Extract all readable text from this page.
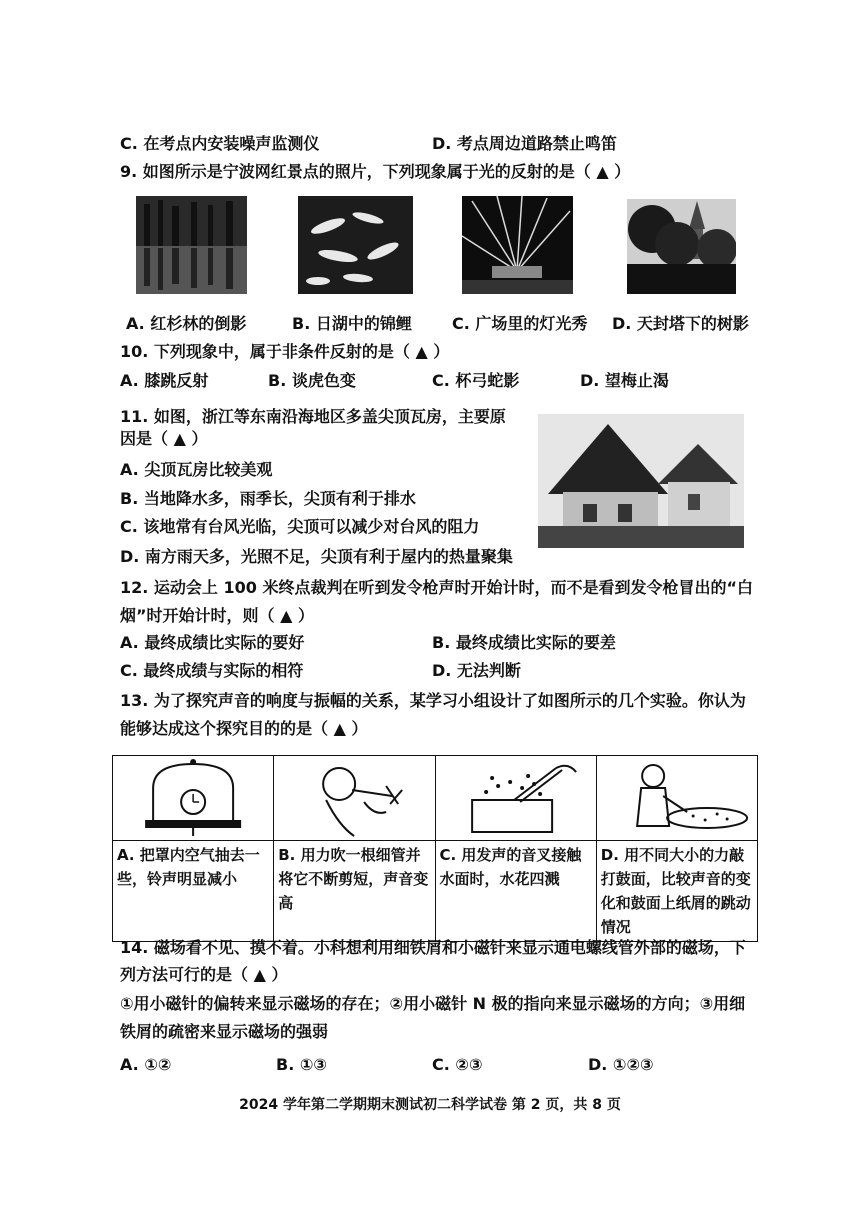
C. 在考点内安装噪声监测仪	D. 考点周边道路禁止鸣笛
9. 如图所示是宁波网红景点的照片，下列现象属于光的反射的是（ ▲ ）
A. 红杉林的倒影	B. 日湖中的锦鲤	C. 广场里的灯光秀 D. 天封塔下的树影
10. 下列现象中，属于非条件反射的是（ ▲ ）
A. 膝跳反射	B. 谈虎色变	C. 杯弓蛇影	D. 望梅止渴
11. 如图，浙江等东南沿海地区多盖尖顶瓦房，主要原
因是（ ▲ ）
A. 尖顶瓦房比较美观
B. 当地降水多，雨季长，尖顶有利于排水
C. 该地常有台风光临，尖顶可以减少对台风的阻力
D. 南方雨天多，光照不足，尖顶有利于屋内的热量聚集
12. 运动会上 100 米终点裁判在听到发令枪声时开始计时，而不是看到发令枪冒出的“白
烟”时开始计时，则（ ▲ ）
A. 最终成绩比实际的要好	B. 最终成绩比实际的要差
C. 最终成绩与实际的相符	D. 无法判断
13. 为了探究声音的响度与振幅的关系，某学习小组设计了如图所示的几个实验。你认为
能够达成这个探究目的的是（ ▲ ）
A. 把罩内空气抽去一些，铃声明显减小

B. 用力吹一根细管并将它不断剪短，声音变高

C. 用发声的音叉接触水面时，水花四溅

D. 用不同大小的力敲打鼓面，比较声音的变化和鼓面上纸屑的跳动情况
14. 磁场看不见、摸不着。小科想利用细铁屑和小磁针来显示通电螺线管外部的磁场，下
列方法可行的是（ ▲ ）
①用小磁针的偏转来显示磁场的存在；②用小磁针 N 极的指向来显示磁场的方向；③用细
铁屑的疏密来显示磁场的强弱
A. ①②	B. ①③	C. ②③	D. ①②③
2024 学年第二学期期末测试初二科学试卷 第 2 页，共 8 页
